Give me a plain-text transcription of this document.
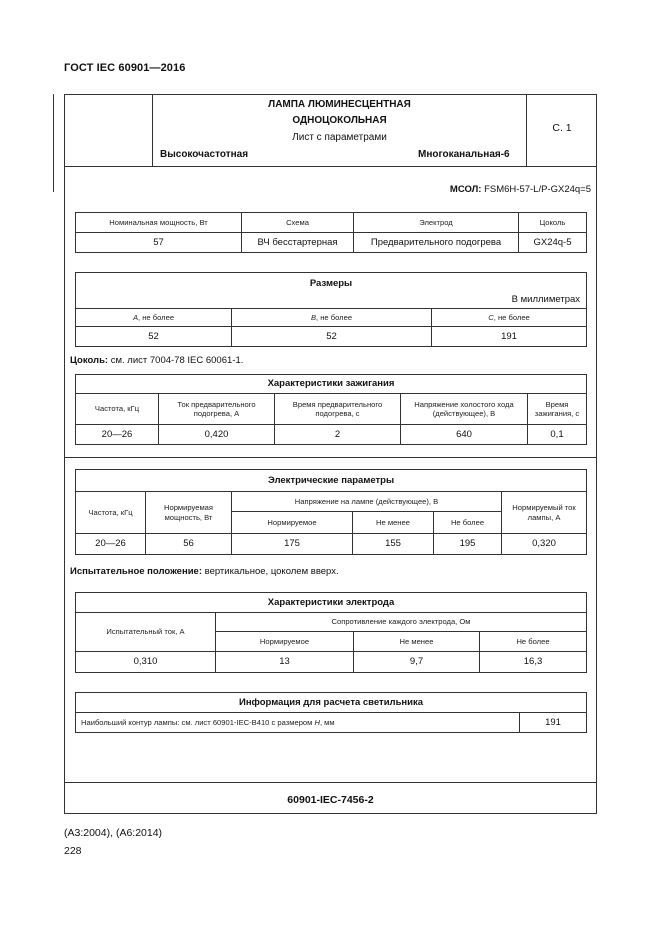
ГОСТ IEC 60901—2016
ЛАМПА ЛЮМИНЕСЦЕНТНАЯ
ОДНОЦОКОЛЬНАЯ
Лист с параметрами
Высокочастотная	Многоканальная-6
С. 1
МСОЛ: FSM6H-57-L/P-GX24q=5
Номинальная мощность, Вт	Схема	Электрод	Цоколь
57	ВЧ бесстартерная	Предварительного подогрева	GX24q-5
Размеры
В миллиметрах		

A, не более	B, не более	C, не более
52	52	191
Цоколь: см. лист 7004-78 IEC 60061-1.
Характеристики зажигания				
Частота, кГц	Ток предварительного подогрева, А	Время предварительного подогрева, с	Напряжение холостого хода (действующее), В	Время зажигания, с
20—26	0,420	2	640	0,1
Электрические параметры					
Частота, кГц	Нормируемая мощность, Вт	Напряжение на лампе (действующее), В			Нормируемый ток лампы, А
		Нормируемое	Не менее	Не более	
20—26	56	175	155	195	0,320
Испытательное положение: вертикальное, цоколем вверх.
Характеристики электрода			
Испытательный ток, А	Сопротивление каждого электрода, Ом		
	Нормируемое	Не менее	Не более
0,310	13	9,7	16,3
Информация для расчета светильника
Наибольший контур лампы: см. лист 60901-IEC-B410 с размером H, мм	191
60901-IEC-7456-2
(А3:2004), (А6:2014)
228
